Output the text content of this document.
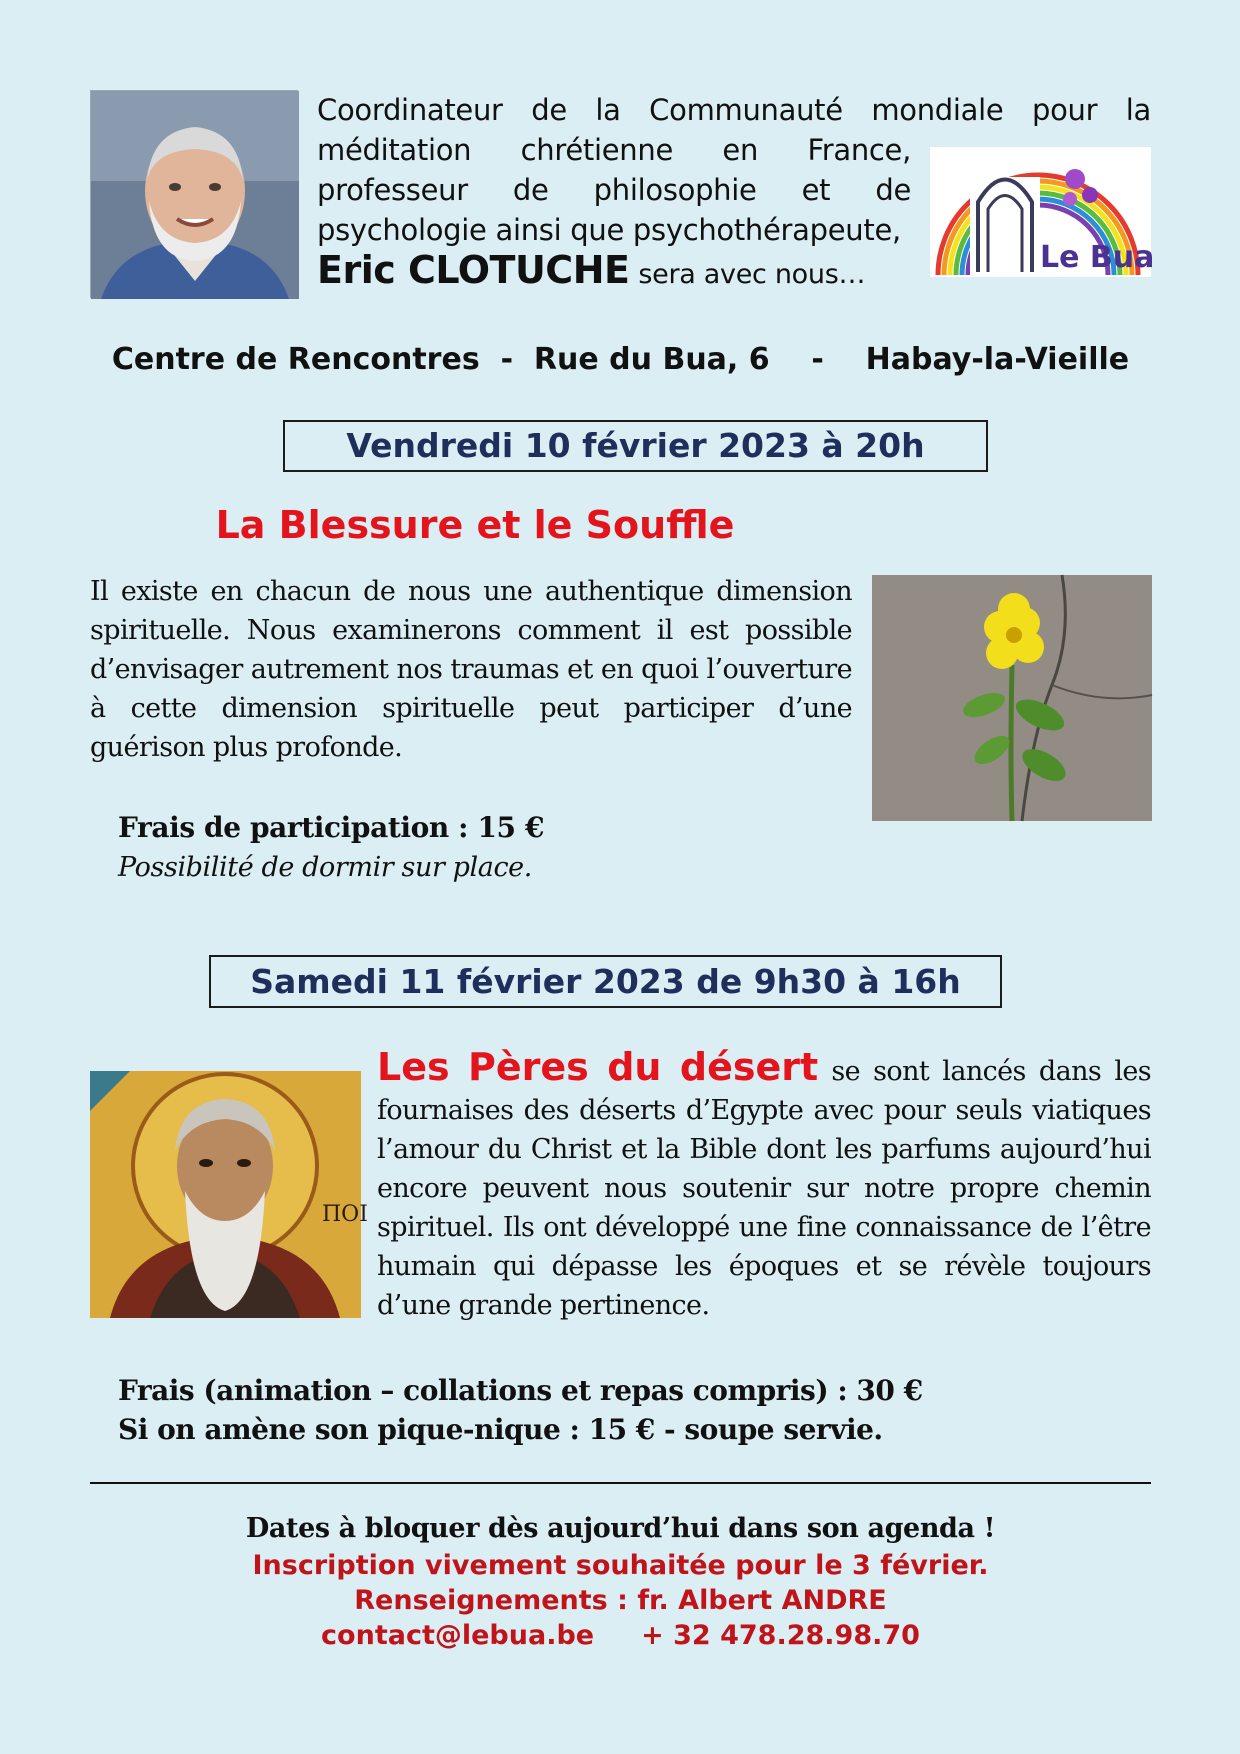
Coordinateur de la Communauté mondiale pour la
méditation chrétienne en France,
professeur de philosophie et de
psychologie ainsi que psychothérapeute,
Eric CLOTUCHE sera avec nous…	Le Bua
Centre de Rencontres - Rue du Bua, 6 - Habay-la-Vieille
Vendredi 10 février 2023 à 20h
La Blessure et le Souffle
Il existe en chacun de nous une authentique dimension spirituelle. Nous examinerons comment il est possible d’envisager autrement nos traumas et en quoi l’ouverture à cette dimension spirituelle peut participer d’une guérison plus profonde.
Frais de participation : 15 €
Possibilité de dormir sur place.
Samedi 11 février 2023 de 9h30 à 16h
ΠΟΙ
Les Pères du désert se sont lancés dans les fournaises des déserts d’Egypte avec pour seuls viatiques l’amour du Christ et la Bible dont les parfums aujourd’hui encore peuvent nous soutenir sur notre propre chemin spirituel. Ils ont développé une fine connaissance de l’être humain qui dépasse les époques et se révèle toujours d’une grande pertinence.
Frais (animation – collations et repas compris) : 30 €
Si on amène son pique-nique : 15 € - soupe servie.
Dates à bloquer dès aujourd’hui dans son agenda !
Inscription vivement souhaitée pour le 3 février.
Renseignements : fr. Albert ANDRE
contact@lebua.be + 32 478.28.98.70
